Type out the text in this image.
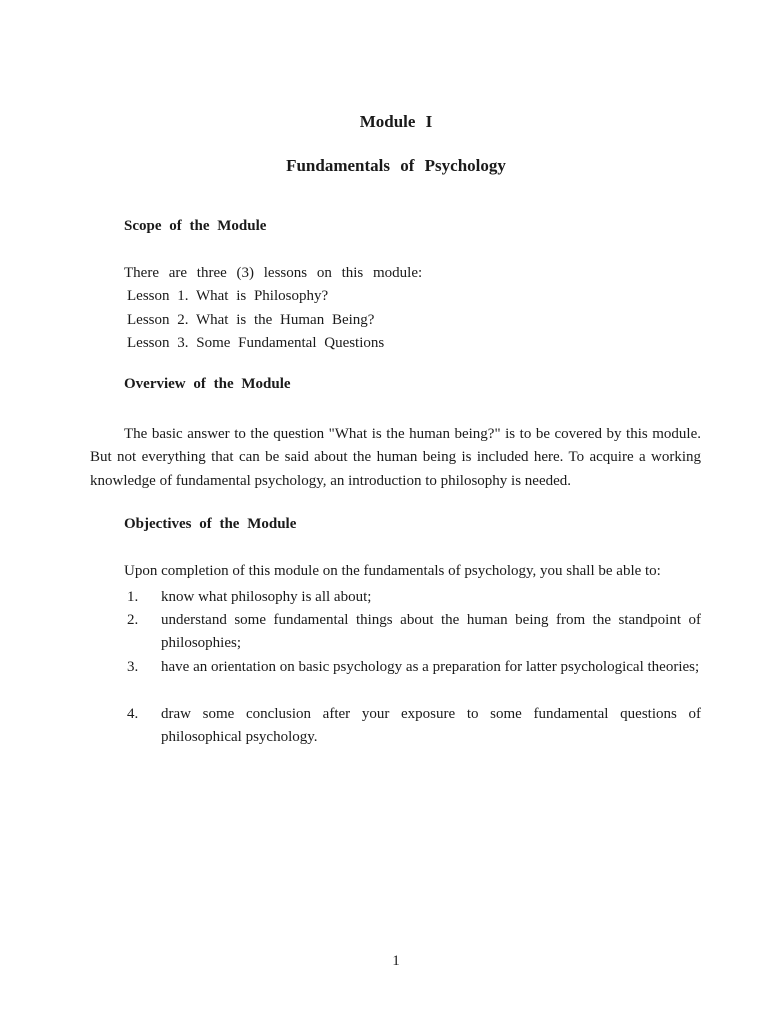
Module I
Fundamentals of Psychology
Scope of the Module

There are three (3) lessons on this module:

Lesson 1. What is Philosophy?

Lesson 2. What is the Human Being?

Lesson 3. Some Fundamental Questions

Overview of the Module

The basic answer to the question "What is the human being?" is to be covered by this module. But not everything that can be said about the human being is included here. To acquire a working knowledge of fundamental psychology, an introduction to philosophy is needed.

Objectives of the Module

Upon completion of this module on the fundamentals of psychology, you shall be able to:

1. know what philosophy is all about;
2. understand some fundamental things about the human being from the standpoint of philosophies;
3. have an orientation on basic psychology as a preparation for latter psychological theories;
4. draw some conclusion after your exposure to some fundamental questions of philosophical psychology.

1
